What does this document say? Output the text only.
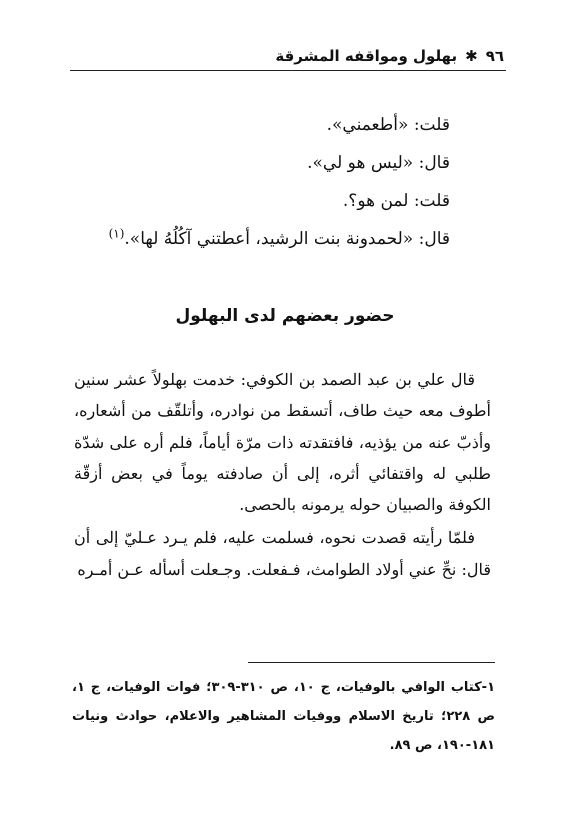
٩٦
✱
بهلول ومواقفه المشرقة
قلت: «أطعمني».
قال: «ليس هو لي».
قلت: لمن هو؟.
قال: «لحمدونة بنت الرشيد، أعطتني آكُلُهُ لها».$^{(١)}$
حضور بعضهم لدى البهلول

قال علي بن عبد الصمد بن الكوفي: خدمت بهلولاً عشر سنين أطوف معه حيث طاف، أتسقط من نوادره، وأتلقّف من أشعاره، وأذبّ عنه من يؤذيه، فافتقدته ذات مرّة أياماً، فلم أره على شدّة طلبي له واقتفائي أثره، إلى أن صادفته يوماً في بعض أزقّة الكوفة والصبيان حوله يرمونه بالحصى.

فلمّا رأيته قصدت نحوه، فسلمت عليه، فلم يـرد عـليّ إلى أن قال: نحِّ عني أولاد الطوامث، فـفعلت. وجـعلت أسأله عـن أمـره

١-كتاب الوافي بالوفيات، ج ١٠، ص ٣١٠-٣٠٩؛ فوات الوفيات، ج ١، ص ٢٢٨؛ تاريخ الاسلام ووفيات المشاهير والاعلام، حوادث ونيات ١٨١-١٩٠، ص ٨٩.
